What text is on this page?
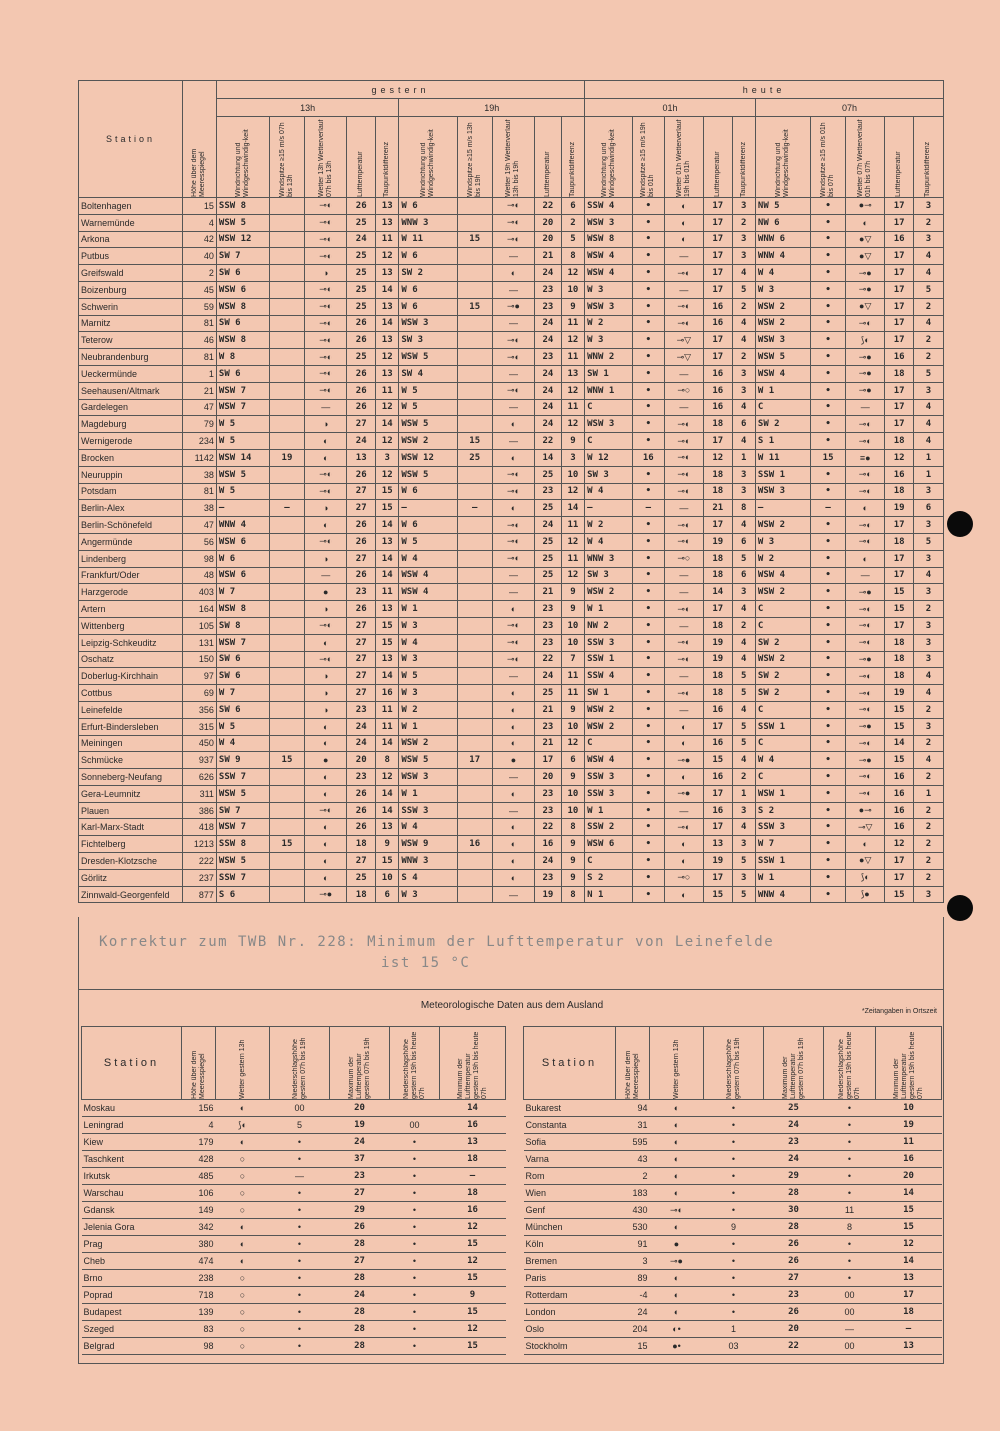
Station	Höhe über dem Meeresspiegel	gestern										heute									
		13h					19h					01h					07h				

		Windrichtung und Windgeschwindig-keit	Windspitze ≥15 m/s 07h bis 13h	Wetter 13h Wetterverlauf 07h bis 13h	Lufttemperatur	Taupunktdifferenz	Windrichtung und Windgeschwindig-keit	Windspitze ≥15 m/s 13h bis 19h	Wetter 19h Wetterverlauf 13h bis 19h	Lufttemperatur	Taupunktdifferenz	Windrichtung und Windgeschwindig-keit	Windspitze ≥15 m/s 19h bis 01h	Wetter 01h Wetterverlauf 19h bis 01h	Lufttemperatur	Taupunktdifferenz	Windrichtung und Windgeschwindig-keit	Windspitze ≥15 m/s 01h bis 07h	Wetter 07h Wetterverlauf 01h bis 07h	Lufttemperatur	Taupunktdifferenz

Boltenhagen	15	SSW 8		⊸◐	26	13	W 6		⊸◐	22	6	SSW 4	•	◐	17	3	NW 5	•	●⊸	17	3
Warnemünde	4	WSW 5		⊸◐	25	13	WNW 3		⊸◐	20	2	WSW 3	•	◐	17	2	NW 6	•	◐	17	2
Arkona	42	WSW 12		⊸◐	24	11	W 11	15	⊸◐	20	5	WSW 8	•	◐	17	3	WNW 6	•	●▽	16	3
Putbus	40	SW 7		⊸◐	25	12	W 6		—	21	8	WSW 4	•	—	17	3	WNW 4	•	●▽	17	4
Greifswald	2	SW 6		◑	25	13	SW 2		◐	24	12	WSW 4	•	⊸◐	17	4	W 4	•	⊸●	17	4
Boizenburg	45	WSW 6		⊸◐	25	14	W 6		—	23	10	W 3	•	—	17	5	W 3	•	⊸●	17	5
Schwerin	59	WSW 8		⊸◐	25	13	W 6	15	⊸●	23	9	WSW 3	•	⊸◐	16	2	WSW 2	•	●▽	17	2
Marnitz	81	SW 6		⊸◐	26	14	WSW 3		—	24	11	W 2	•	⊸◐	16	4	WSW 2	•	⊸◐	17	4
Teterow	46	WSW 8		⊸◐	26	13	SW 3		⊸◐	24	12	W 3	•	⊸▽	17	4	WSW 3	•	⟆◐	17	2
Neubrandenburg	81	W 8		⊸◐	25	12	WSW 5		⊸◐	23	11	WNW 2	•	⊸▽	17	2	WSW 5	•	⊸●	16	2
Ueckermünde	1	SW 6		⊸◐	26	13	SW 4		—	24	13	SW 1	•	—	16	3	WSW 4	•	⊸●	18	5
Seehausen/Altmark	21	WSW 7		⊸◐	26	11	W 5		⊸◐	24	12	WNW 1	•	⊸○	16	3	W 1	•	⊸●	17	3
Gardelegen	47	WSW 7		—	26	12	W 5		—	24	11	C	•	—	16	4	C	•	—	17	4
Magdeburg	79	W 5		◑	27	14	WSW 5		◐	24	12	WSW 3	•	⊸◐	18	6	SW 2	•	⊸◐	17	4
Wernigerode	234	W 5		◐	24	12	WSW 2	15	—	22	9	C	•	⊸◐	17	4	S 1	•	⊸◐	18	4
Brocken	1142	WSW 14	19	◐	13	3	WSW 12	25	◐	14	3	W 12	16	⊸◐	12	1	W 11	15	≡●	12	1
Neuruppin	38	WSW 5		⊸◐	26	12	WSW 5		⊸◐	25	10	SW 3	•	⊸◐	18	3	SSW 1	•	⊸◐	16	1
Potsdam	81	W 5		⊸◐	27	15	W 6		⊸◐	23	12	W 4	•	⊸◐	18	3	WSW 3	•	⊸◐	18	3
Berlin-Alex	38	—	—	◑	27	15	—	—	◐	25	14	—	—	—	21	8	—	—	◐	19	6
Berlin-Schönefeld	47	WNW 4		◐	26	14	W 6		⊸◐	24	11	W 2	•	⊸◐	17	4	WSW 2	•	⊸◐	17	3
Angermünde	56	WSW 6		⊸◐	26	13	W 5		⊸◐	25	12	W 4	•	⊸◐	19	6	W 3	•	⊸◐	18	5
Lindenberg	98	W 6		◑	27	14	W 4		⊸◐	25	11	WNW 3	•	⊸○	18	5	W 2	•	◐	17	3
Frankfurt/Oder	48	WSW 6		—	26	14	WSW 4		—	25	12	SW 3	•	—	18	6	WSW 4	•	—	17	4
Harzgerode	403	W 7		●	23	11	WSW 4		—	21	9	WSW 2	•	—	14	3	WSW 2	•	⊸●	15	3
Artern	164	WSW 8		◑	26	13	W 1		◐	23	9	W 1	•	⊸◐	17	4	C	•	⊸◐	15	2
Wittenberg	105	SW 8		⊸◐	27	15	W 3		⊸◐	23	10	NW 2	•	—	18	2	C	•	⊸◐	17	3
Leipzig-Schkeuditz	131	WSW 7		◐	27	15	W 4		⊸◐	23	10	SSW 3	•	⊸◐	19	4	SW 2	•	⊸◐	18	3
Oschatz	150	SW 6		⊸◐	27	13	W 3		⊸◐	22	7	SSW 1	•	⊸◐	19	4	WSW 2	•	⊸●	18	3
Doberlug-Kirchhain	97	SW 6		◑	27	14	W 5		—	24	11	SSW 4	•	—	18	5	SW 2	•	⊸◐	18	4
Cottbus	69	W 7		◑	27	16	W 3		◐	25	11	SW 1	•	⊸◐	18	5	SW 2	•	⊸◐	19	4
Leinefelde	356	SW 6		◑	23	11	W 2		◐	21	9	WSW 2	•	—	16	4	C	•	⊸◐	15	2
Erfurt-Bindersleben	315	W 5		◐	24	11	W 1		◐	23	10	WSW 2	•	◐	17	5	SSW 1	•	⊸●	15	3
Meiningen	450	W 4		◐	24	14	WSW 2		◐	21	12	C	•	◐	16	5	C	•	⊸◐	14	2
Schmücke	937	SW 9	15	●	20	8	WSW 5	17	●	17	6	WSW 4	•	⊸●	15	4	W 4	•	⊸●	15	4
Sonneberg-Neufang	626	SSW 7		◐	23	12	WSW 3		—	20	9	SSW 3	•	◐	16	2	C	•	⊸◐	16	2
Gera-Leumnitz	311	WSW 5		◐	26	14	W 1		◐	23	10	SSW 3	•	⊸●	17	1	WSW 1	•	⊸◐	16	1
Plauen	386	SW 7		⊸◐	26	14	SSW 3		—	23	10	W 1	•	—	16	3	S 2	•	●⊸	16	2
Karl-Marx-Stadt	418	WSW 7		◐	26	13	W 4		◐	22	8	SSW 2	•	⊸◐	17	4	SSW 3	•	⊸▽	16	2
Fichtelberg	1213	SSW 8	15	◐	18	9	WSW 9	16	◐	16	9	WSW 6	•	◐	13	3	W 7	•	◐	12	2
Dresden-Klotzsche	222	WSW 5		◐	27	15	WNW 3		◐	24	9	C	•	◐	19	5	SSW 1	•	●▽	17	2
Görlitz	237	SSW 7		◐	25	10	S 4		◐	23	9	S 2	•	⊸○	17	3	W 1	•	⟆◐	17	2
Zinnwald-Georgenfeld	877	S 6		⊸●	18	6	W 3		—	19	8	N 1	•	◐	15	5	WNW 4	•	⟆●	15	3

Korrektur zum TWB Nr. 228: Minimum der Lufttemperatur von Leinefelde

ist 15 °C

Meteorologische Daten aus dem Ausland
*Zeitangaben in Ortszeit
Station	Höhe über dem Meeresspiegel	Wetter gestern 13h	Niederschlagshöhe gestern 07h bis 19h	Maximum der Lufttemperatur gestern 07h bis 19h	Niederschlagshöhe gestern 19h bis heute 07h	Minimum der Lufttemperatur gestern 19h bis heute 07h

Moskau	156	◐	00	20		14
Leningrad	4	⟆◐	5	19	00	16
Kiew	179	◐	•	24	•	13
Taschkent	428	○	•	37	•	18
Irkutsk	485	○	—	23	•	—
Warschau	106	○	•	27	•	18
Gdansk	149	○	•	29	•	16
Jelenia Gora	342	◐	•	26	•	12
Prag	380	◐	•	28	•	15
Cheb	474	◐	•	27	•	12
Brno	238	○	•	28	•	15
Poprad	718	○	•	24	•	9
Budapest	139	○	•	28	•	15
Szeged	83	○	•	28	•	12
Belgrad	98	○	•	28	•	15
Station	Höhe über dem Meeresspiegel	Wetter gestern 13h	Niederschlagshöhe gestern 07h bis 19h	Maximum der Lufttemperatur gestern 07h bis 19h	Niederschlagshöhe gestern 19h bis heute 07h	Minimum der Lufttemperatur gestern 19h bis heute 07h

Bukarest	94	◐	•	25	•	10
Constanta	31	◐	•	24	•	19
Sofia	595	◐	•	23	•	11
Varna	43	◐	•	24	•	16
Rom	2	◐	•	29	•	20
Wien	183	◐	•	28	•	14
Genf	430	⊸◐	•	30	11	15
München	530	◐	9	28	8	15
Köln	91	●	•	26	•	12
Bremen	3	⊸●	•	26	•	14
Paris	89	◐	•	27	•	13
Rotterdam	-4	◐	•	23	00	17
London	24	◐	•	26	00	18
Oslo	204	◐•	1	20	—	—
Stockholm	15	●•	03	22	00	13
